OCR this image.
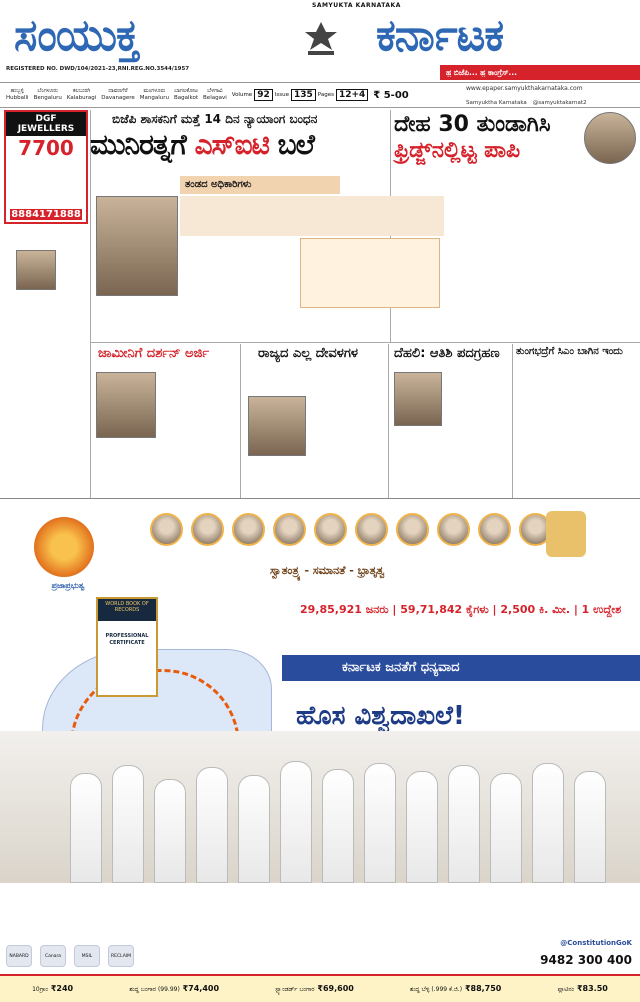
SAMYUKTA KARNATAKA
ಸಂಯುಕ್ತ	ಕರ್ನಾಟಕ
REGISTERED NO. DWD/104/2021-23,RNI.REG.NO.3544/1957	ಹ಼ ಬಿಜೆಪಿ... ಹ಼ ಕಾಂಗ್ರೆಸ್...
ಹುಬ್ಬಳ್ಳಿ
Hubballi
ಬೆಂಗಳೂರು
Bengaluru
ಕಲಬುರಗಿ
Kalaburagi
ದಾವಣಗೆರೆ
Davanagere
ಮಂಗಳೂರು
Mangaluru
ಬಾಗಲಕೋಟ
Bagalkot
ಬೆಳಗಾವಿ
Belagavi Volume 92 Issue 135 Pages 12+4 ₹ 5-00
www.epaper.samyukthakarnataka.com
Samyuktha Karnataka @samyuktakarnat2
DGF JEWELLERS
7700
8884171888
ಬಿಜೆಪಿ ಶಾಸಕನಿಗೆ ಮತ್ತೆ 14 ದಿನ ನ್ಯಾಯಾಂಗ ಬಂಧನ
ಮುನಿರತ್ನಗೆ ಎಸ್‌ಐಟಿ ಬಲೆ
ತಂಡದ ಅಧಿಕಾರಿಗಳು
ದೇಹ 30 ತುಂಡಾಗಿಸಿ
ಫ್ರಿಡ್ಜ್‌ನಲ್ಲಿಟ್ಟ ಪಾಪಿ
ಜಾಮೀನಿಗೆ ದರ್ಶನ್ ಅರ್ಜಿ	ರಾಜ್ಯದ ಎಲ್ಲ ದೇವಳಗಳ	ದೆಹಲಿ: ಆತಿಶಿ ಪದಗ್ರಹಣ ತುಂಗಭದ್ರೆಗೆ ಸಿಎಂ ಬಾಗಿನ ಇಂದು
ಪ್ರಜಾಪ್ರಭುತ್ವ
ಸ್ವಾತಂತ್ರ್ಯ - ಸಮಾನತೆ - ಭ್ರಾತೃತ್ವ
29,85,921 ಜನರು | 59,71,842 ಕೈಗಳು | 2,500 ಕಿ. ಮೀ. | 1 ಉದ್ದೇಶ
WORLD BOOK OF RECORDS
PROFESSIONAL CERTIFICATE
ಕರ್ನಾಟಕ ಜನತೆಗೆ ಧನ್ಯವಾದ
ಹೊಸ ವಿಶ್ವದಾಖಲೆ!
NABARD	Canara	MSIL	RECLAIM
@ConstitutionGoK
9482 300 400
10ಗ್ರಾಂ ₹240	ಶುದ್ಧ ಬಂಗಾರ (99.99) ₹74,400	ಸ್ಟ್ಯಾಂಡರ್ಡ್ ಬಂಗಾರ ₹69,600	ಶುದ್ಧ ಬೆಳ್ಳಿ (.999 ಕೆ.ಜಿ.) ₹88,750	ಪ್ಲಾಟಿನಂ ₹83.50
